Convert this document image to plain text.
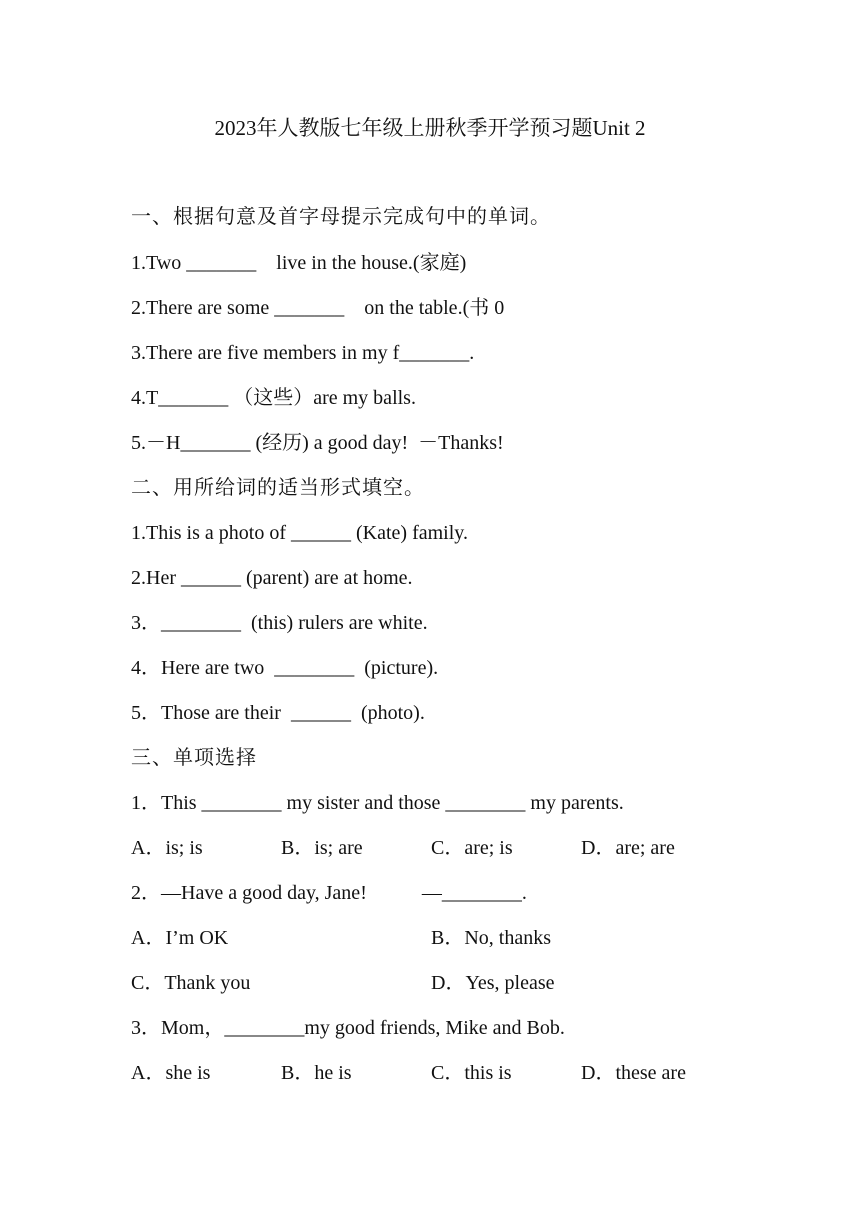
2023年人教版七年级上册秋季开学预习题Unit 2
一、根据句意及首字母提示完成句中的单词。
1.Two _______    live in the house.(家庭)
2.There are some _______    on the table.(书 0
3.There are five members in my f_______.
4.T_______ （这些）are my balls.
5.－H_______ (经历) a good day!  －Thanks!
二、用所给词的适当形式填空。
1.This is a photo of ______ (Kate) family.
2.Her ______ (parent) are at home.
3．________  (this) rulers are white.
4．Here are two  ________  (picture).
5．Those are their  ______  (photo).
三、单项选择
1．This ________ my sister and those ________ my parents.
A．is; is	B．is; are	C．are; is	D．are; are
2．—Have a good day, Jane!           —________.
A．I’m OK	B．No, thanks
C．Thank you	D．Yes, please
3．Mom，________my good friends, Mike and Bob.
A．she is	B．he is	C．this is	D．these are
